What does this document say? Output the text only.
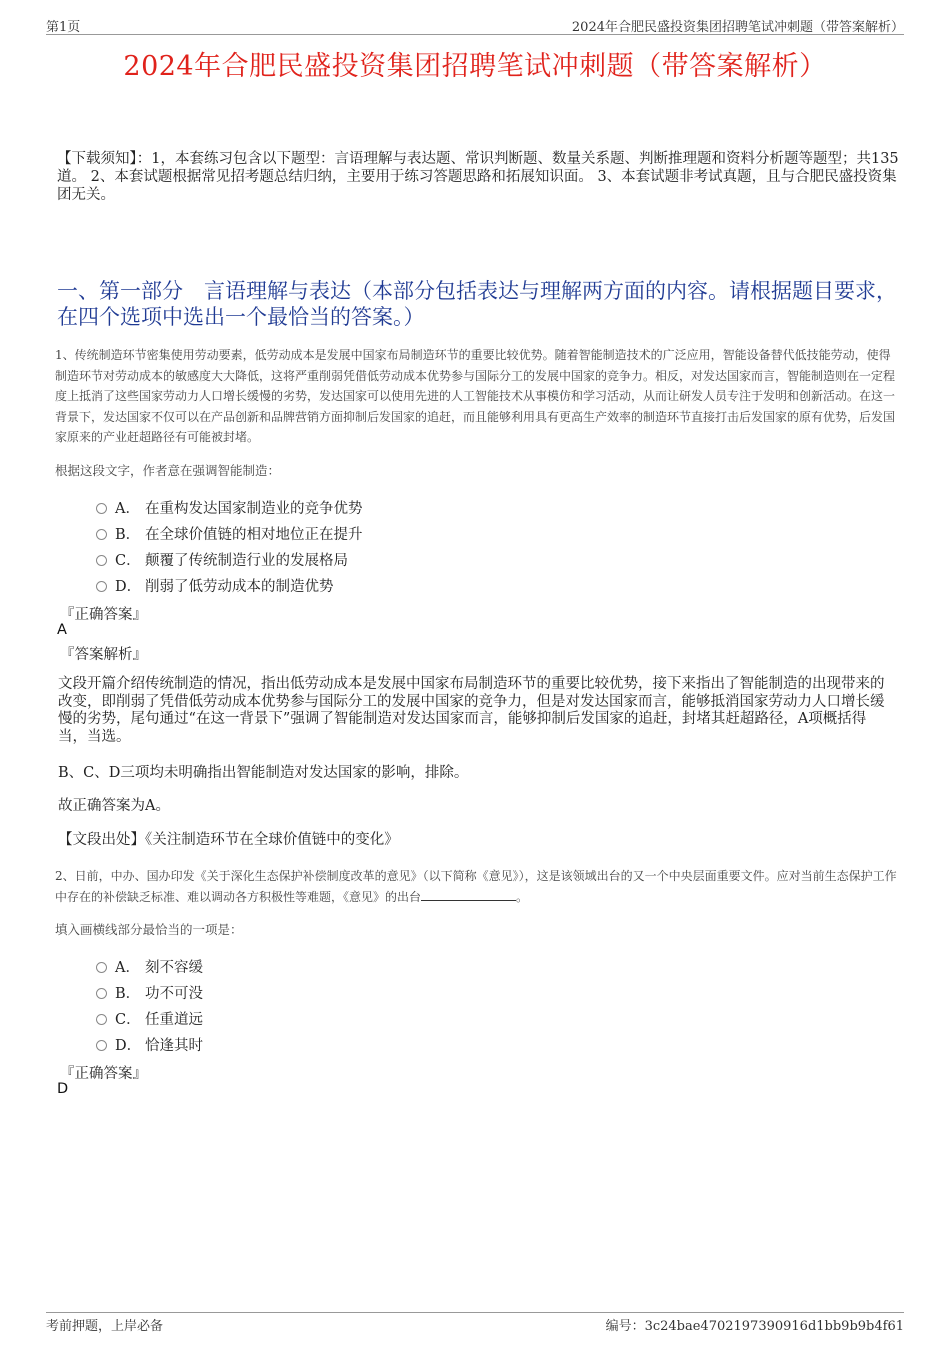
第1页	2024年合肥民盛投资集团招聘笔试冲刺题（带答案解析）
2024年合肥民盛投资集团招聘笔试冲刺题（带答案解析）
【下载须知】：1，本套练习包含以下题型：言语理解与表达题、常识判断题、数量关系题、判断推理题和资料分析题等题型；共135道。 2、本套试题根据常见招考题总结归纳，主要用于练习答题思路和拓展知识面。 3、本套试题非考试真题，且与合肥民盛投资集团无关。
一、第一部分　言语理解与表达（本部分包括表达与理解两方面的内容。请根据题目要求，在四个选项中选出一个最恰当的答案。）
1、传统制造环节密集使用劳动要素，低劳动成本是发展中国家布局制造环节的重要比较优势。随着智能制造技术的广泛应用，智能设备替代低技能劳动，使得制造环节对劳动成本的敏感度大大降低，这将严重削弱凭借低劳动成本优势参与国际分工的发展中国家的竞争力。相反，对发达国家而言，智能制造则在一定程度上抵消了这些国家劳动力人口增长缓慢的劣势，发达国家可以使用先进的人工智能技术从事模仿和学习活动，从而让研发人员专注于发明和创新活动。在这一背景下，发达国家不仅可以在产品创新和品牌营销方面抑制后发国家的追赶，而且能够利用具有更高生产效率的制造环节直接打击后发国家的原有优势，后发国家原来的产业赶超路径有可能被封堵。
根据这段文字，作者意在强调智能制造：
A． 在重构发达国家制造业的竞争优势
B． 在全球价值链的相对地位正在提升
C． 颠覆了传统制造行业的发展格局
D． 削弱了低劳动成本的制造优势
『正确答案』
A
『答案解析』
文段开篇介绍传统制造的情况，指出低劳动成本是发展中国家布局制造环节的重要比较优势，接下来指出了智能制造的出现带来的改变，即削弱了凭借低劳动成本优势参与国际分工的发展中国家的竞争力，但是对发达国家而言，能够抵消国家劳动力人口增长缓慢的劣势，尾句通过“在这一背景下”强调了智能制造对发达国家而言，能够抑制后发国家的追赶，封堵其赶超路径，A项概括得当，当选。
B、C、D三项均未明确指出智能制造对发达国家的影响，排除。
故正确答案为A。
【文段出处】《关注制造环节在全球价值链中的变化》
2、日前，中办、国办印发《关于深化生态保护补偿制度改革的意见》（以下简称《意见》），这是该领域出台的又一个中央层面重要文件。应对当前生态保护工作中存在的补偿缺乏标准、难以调动各方积极性等难题，《意见》的出台	。
填入画横线部分最恰当的一项是：
A． 刻不容缓
B． 功不可没
C． 任重道远
D． 恰逢其时
『正确答案』
D
考前押题，上岸必备	编号：3c24bae4702197390916d1bb9b9b4f61
